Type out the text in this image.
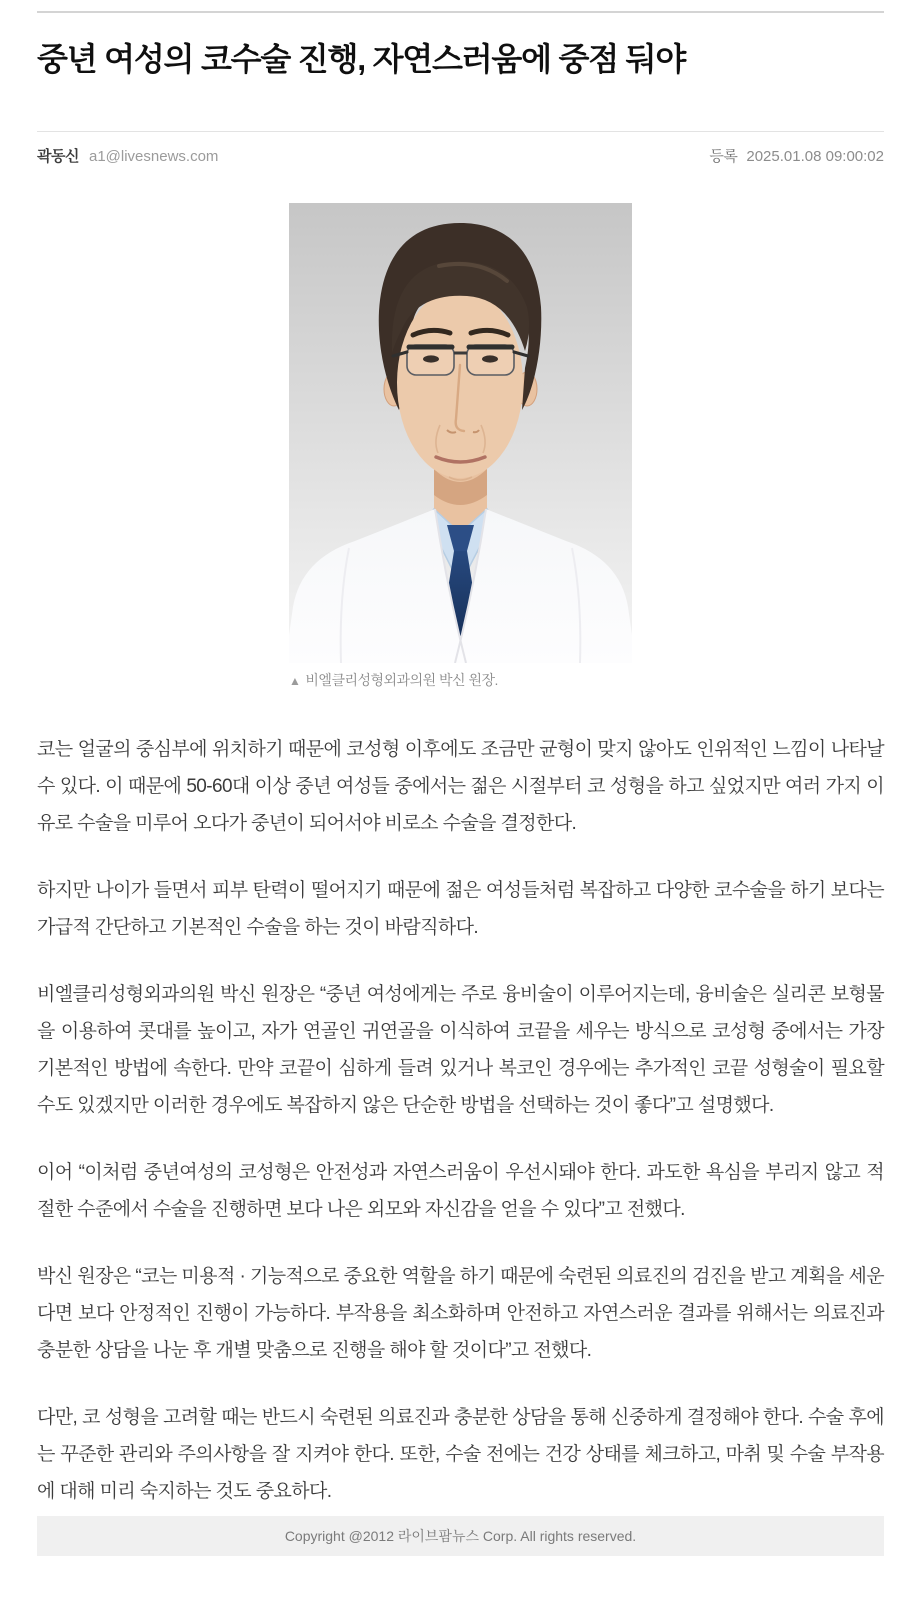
중년 여성의 코수술 진행, 자연스러움에 중점 둬야
곽동신 a1@livesnews.com	등록 2025.01.08 09:00:02
▲ 비엘클리성형외과의원 박신 원장.

코는 얼굴의 중심부에 위치하기 때문에 코성형 이후에도 조금만 균형이 맞지 않아도 인위적인 느낌이 나타날 수 있다. 이 때문에 50-60대 이상 중년 여성들 중에서는 젊은 시절부터 코 성형을 하고 싶었지만 여러 가지 이유로 수술을 미루어 오다가 중년이 되어서야 비로소 수술을 결정한다.

하지만 나이가 들면서 피부 탄력이 떨어지기 때문에 젊은 여성들처럼 복잡하고 다양한 코수술을 하기 보다는 가급적 간단하고 기본적인 수술을 하는 것이 바람직하다.

비엘클리성형외과의원 박신 원장은 “중년 여성에게는 주로 융비술이 이루어지는데, 융비술은 실리콘 보형물을 이용하여 콧대를 높이고, 자가 연골인 귀연골을 이식하여 코끝을 세우는 방식으로 코성형 중에서는 가장 기본적인 방법에 속한다. 만약 코끝이 심하게 들려 있거나 복코인 경우에는 추가적인 코끝 성형술이 필요할 수도 있겠지만 이러한 경우에도 복잡하지 않은 단순한 방법을 선택하는 것이 좋다”고 설명했다.

이어 “이처럼 중년여성의 코성형은 안전성과 자연스러움이 우선시돼야 한다. 과도한 욕심을 부리지 않고 적절한 수준에서 수술을 진행하면 보다 나은 외모와 자신감을 얻을 수 있다”고 전했다.

박신 원장은 “코는 미용적 · 기능적으로 중요한 역할을 하기 때문에 숙련된 의료진의 검진을 받고 계획을 세운다면 보다 안정적인 진행이 가능하다. 부작용을 최소화하며 안전하고 자연스러운 결과를 위해서는 의료진과 충분한 상담을 나눈 후 개별 맞춤으로 진행을 해야 할 것이다”고 전했다.

다만, 코 성형을 고려할 때는 반드시 숙련된 의료진과 충분한 상담을 통해 신중하게 결정해야 한다. 수술 후에는 꾸준한 관리와 주의사항을 잘 지켜야 한다. 또한, 수술 전에는 건강 상태를 체크하고, 마취 및 수술 부작용에 대해 미리 숙지하는 것도 중요하다.

Copyright @2012 라이브팜뉴스 Corp. All rights reserved.
